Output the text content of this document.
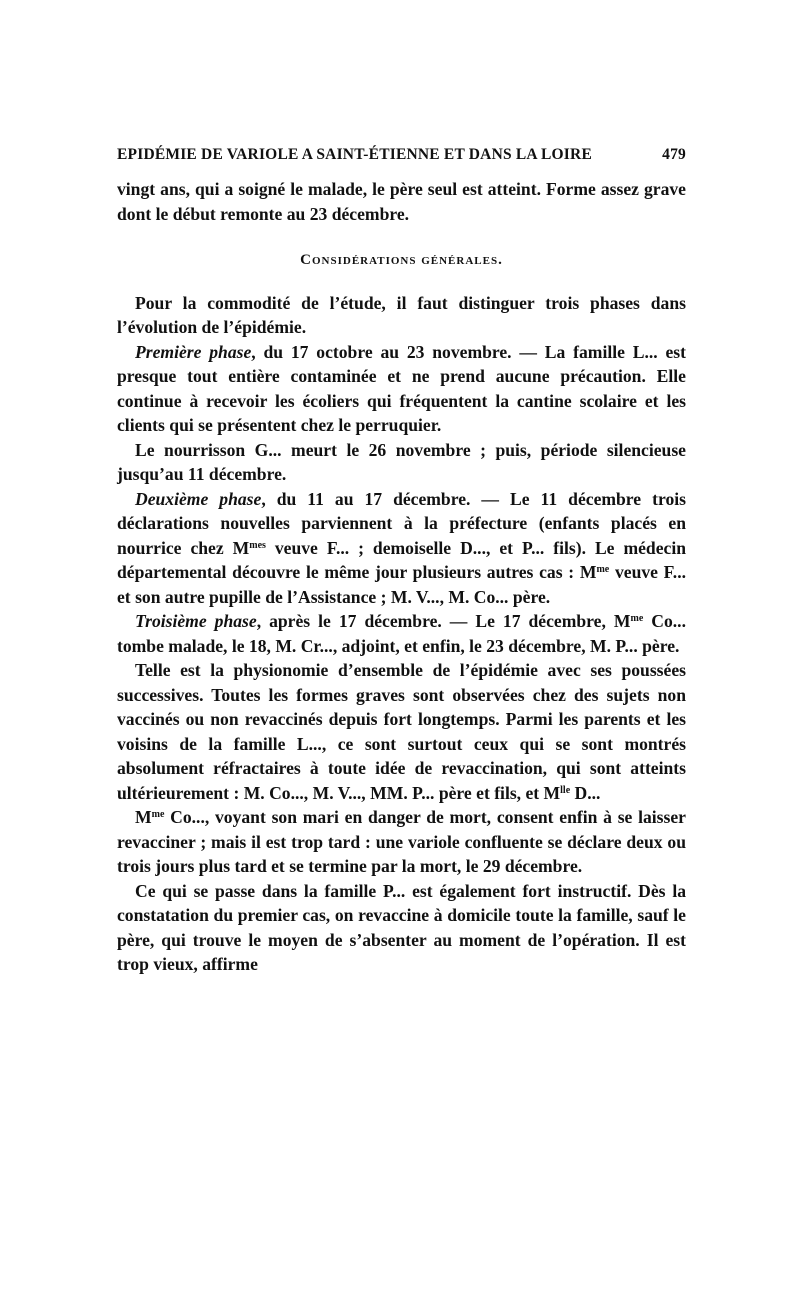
EPIDÉMIE DE VARIOLE A SAINT-ÉTIENNE ET DANS LA LOIRE	479

vingt ans, qui a soigné le malade, le père seul est atteint. Forme assez grave dont le début remonte au 23 décembre.

Considérations générales.

Pour la commodité de l’étude, il faut distinguer trois phases dans l’évolution de l’épidémie.

Première phase, du 17 octobre au 23 novembre. — La famille L... est presque tout entière contaminée et ne prend aucune précaution. Elle continue à recevoir les écoliers qui fréquentent la cantine scolaire et les clients qui se présentent chez le perruquier.

Le nourrisson G... meurt le 26 novembre ; puis, période silencieuse jusqu’au 11 décembre.

Deuxième phase, du 11 au 17 décembre. — Le 11 décembre trois déclarations nouvelles parviennent à la préfecture (enfants placés en nourrice chez $M^{mes}$ veuve F... ; demoiselle D..., et P... fils). Le médecin départemental découvre le même jour plusieurs autres cas : $M^{me}$ veuve F... et son autre pupille de l’Assistance ; M. V..., M. Co... père.

Troisième phase, après le 17 décembre. — Le 17 décembre, $M^{me}$ Co... tombe malade, le 18, M. Cr..., adjoint, et enfin, le 23 décembre, M. P... père.

Telle est la physionomie d’ensemble de l’épidémie avec ses poussées successives. Toutes les formes graves sont observées chez des sujets non vaccinés ou non revaccinés depuis fort longtemps. Parmi les parents et les voisins de la famille L..., ce sont surtout ceux qui se sont montrés absolument réfractaires à toute idée de revaccination, qui sont atteints ultérieurement : M. Co..., M. V..., MM. P... père et fils, et $M^{lle}$ D...

$M^{me}$ Co..., voyant son mari en danger de mort, consent enfin à se laisser revacciner ; mais il est trop tard : une variole confluente se déclare deux ou trois jours plus tard et se termine par la mort, le 29 décembre.

Ce qui se passe dans la famille P... est également fort instructif. Dès la constatation du premier cas, on revaccine à domicile toute la famille, sauf le père, qui trouve le moyen de s’absenter au moment de l’opération. Il est trop vieux, affirme
